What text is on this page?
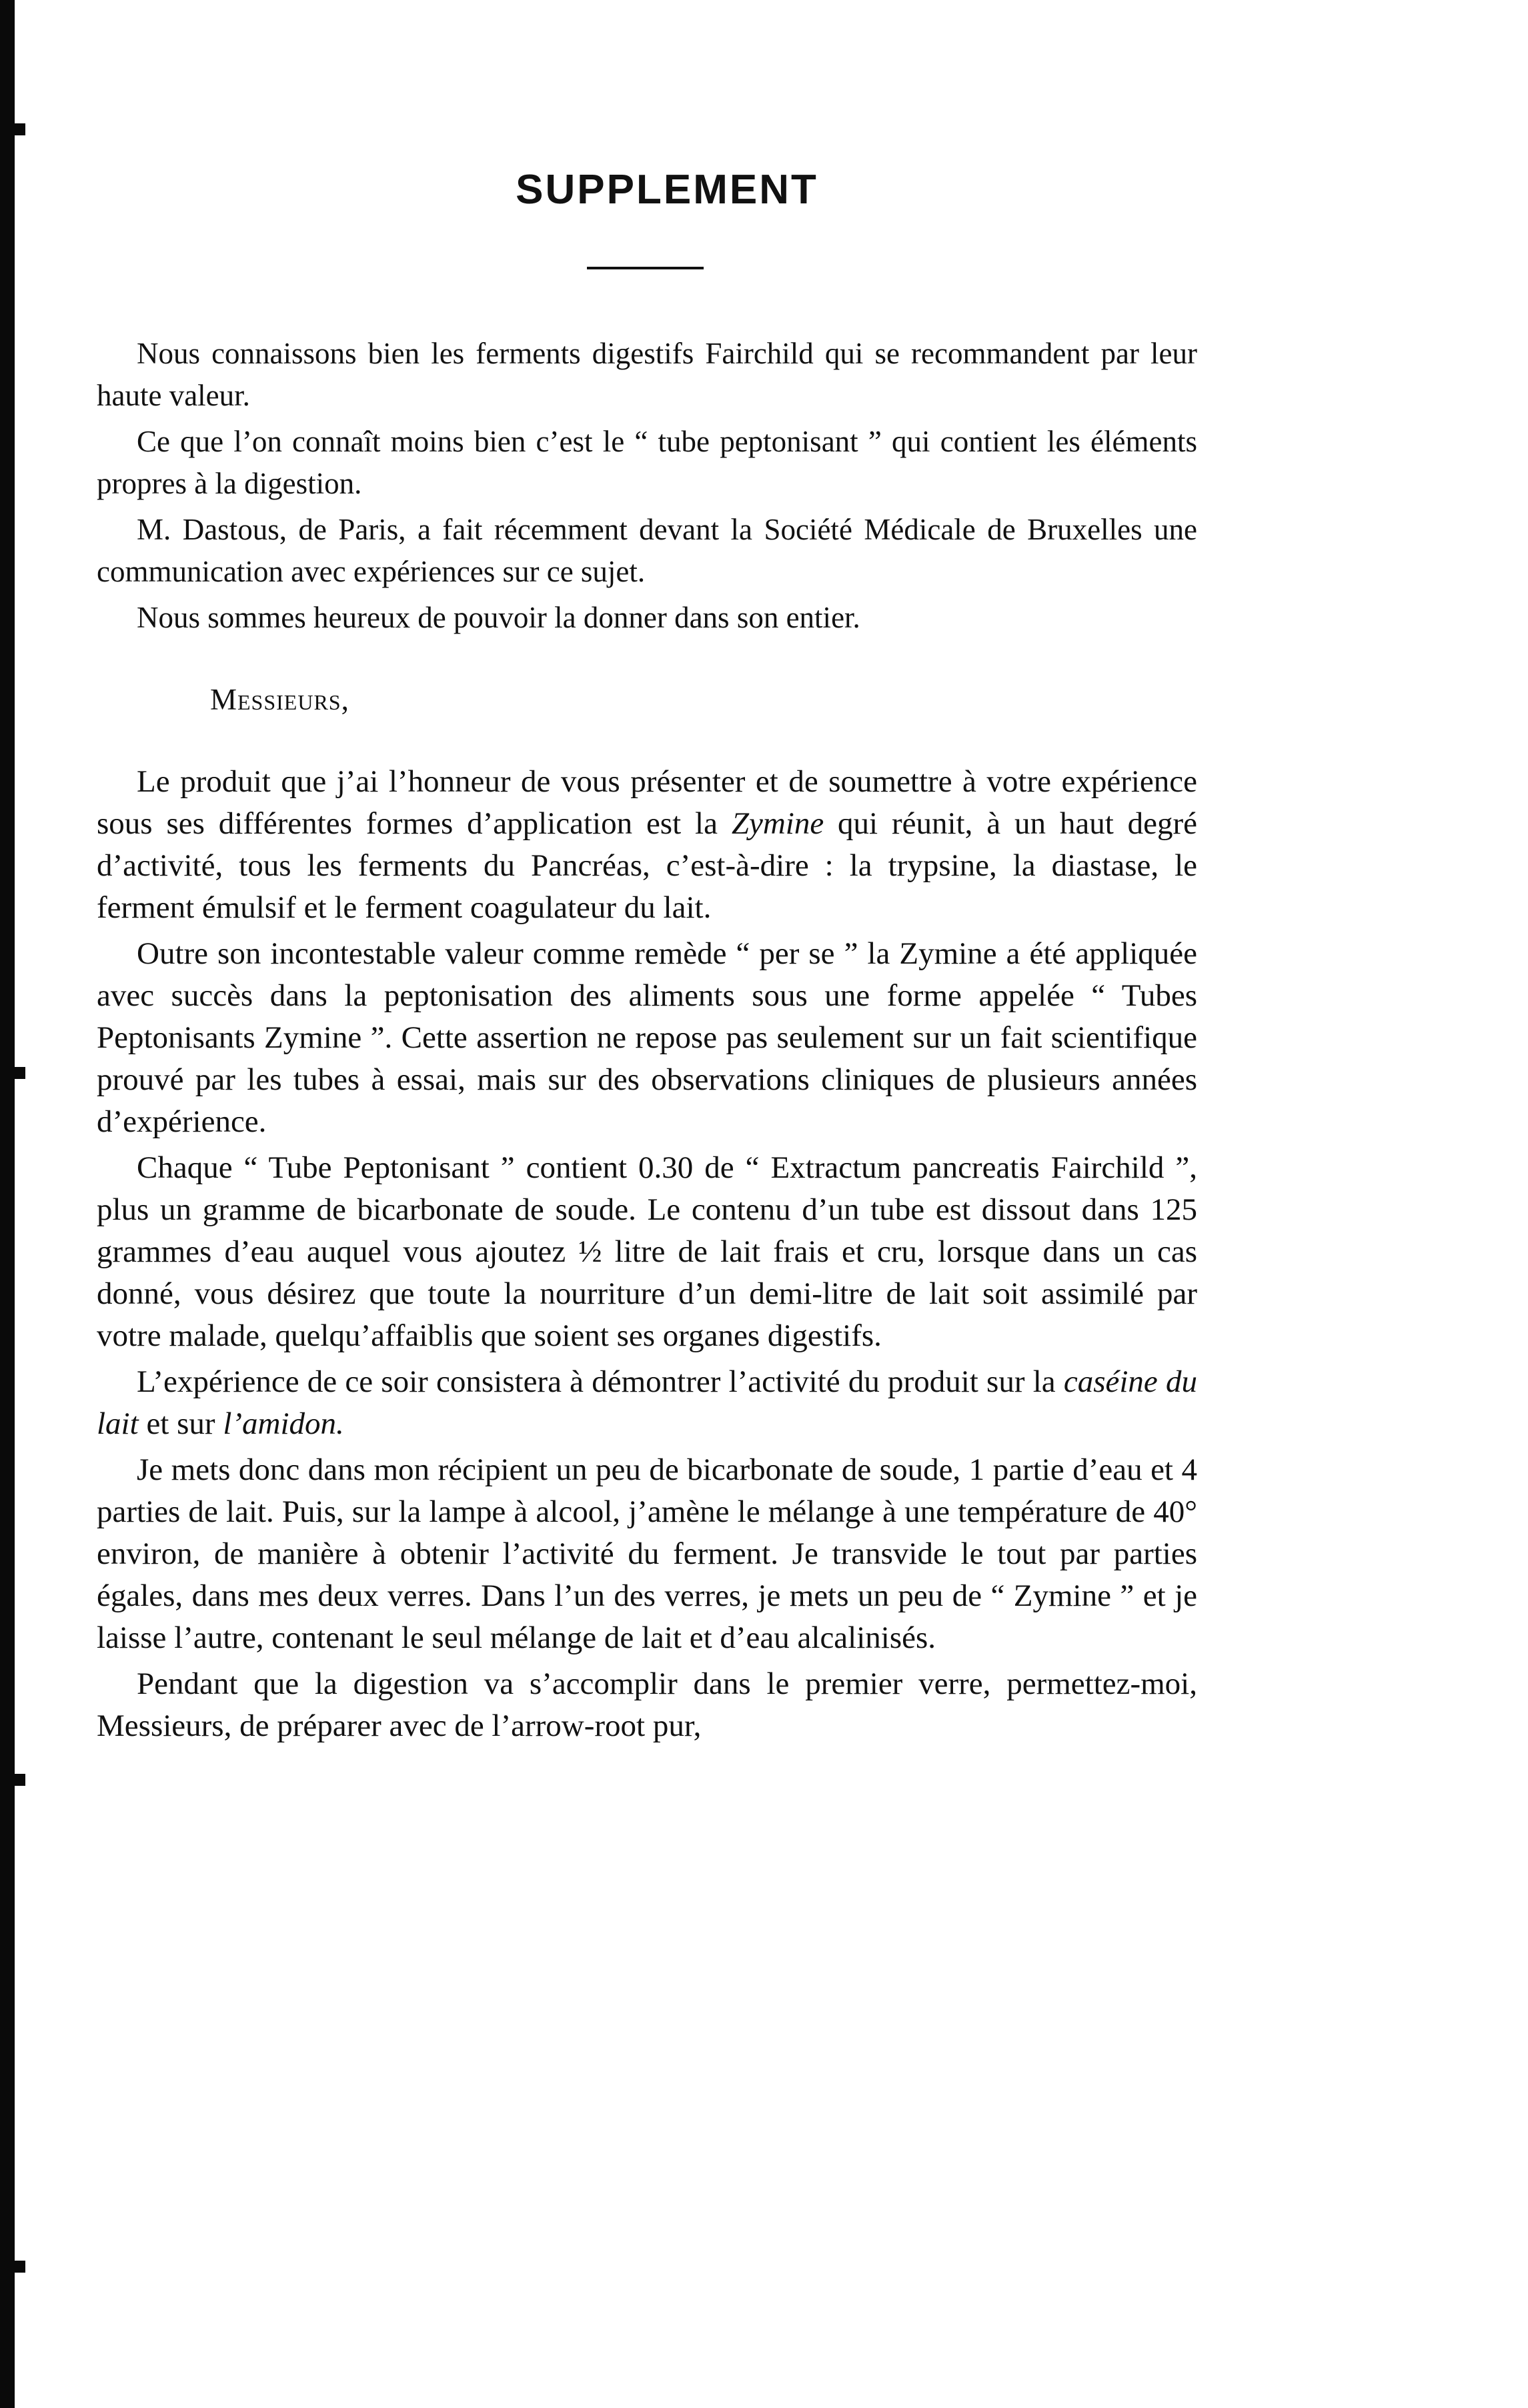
SUPPLEMENT

Nous connaissons bien les ferments digestifs Fairchild qui se recommandent par leur haute valeur.

Ce que l’on connaît moins bien c’est le “ tube peptonisant ” qui contient les éléments propres à la digestion.

M. Dastous, de Paris, a fait récemment devant la Société Médicale de Bruxelles une communication avec expériences sur ce sujet.

Nous sommes heureux de pouvoir la donner dans son entier.

Messieurs,

Le produit que j’ai l’honneur de vous présenter et de soumettre à votre expérience sous ses différentes formes d’application est la Zymine qui réunit, à un haut degré d’activité, tous les ferments du Pancréas, c’est-à-dire : la trypsine, la diastase, le ferment émulsif et le ferment coagulateur du lait.

Outre son incontestable valeur comme remède “ per se ” la Zymine a été appliquée avec succès dans la peptonisation des aliments sous une forme appelée “ Tubes Peptonisants Zymine ”. Cette assertion ne repose pas seulement sur un fait scientifique prouvé par les tubes à essai, mais sur des observations cliniques de plusieurs années d’expérience.

Chaque “ Tube Peptonisant ” contient 0.30 de “ Extractum pancreatis Fairchild ”, plus un gramme de bicarbonate de soude. Le contenu d’un tube est dissout dans 125 grammes d’eau auquel vous ajoutez ½ litre de lait frais et cru, lorsque dans un cas donné, vous désirez que toute la nourriture d’un demi-litre de lait soit assimilé par votre malade, quelqu’affaiblis que soient ses organes digestifs.

L’expérience de ce soir consistera à démontrer l’activité du produit sur la caséine du lait et sur l’amidon.

Je mets donc dans mon récipient un peu de bicarbonate de soude, 1 partie d’eau et 4 parties de lait. Puis, sur la lampe à alcool, j’amène le mélange à une température de 40° environ, de manière à obtenir l’activité du ferment. Je transvide le tout par parties égales, dans mes deux verres. Dans l’un des verres, je mets un peu de “ Zymine ” et je laisse l’autre, contenant le seul mélange de lait et d’eau alcalinisés.

Pendant que la digestion va s’accomplir dans le premier verre, permettez-moi, Messieurs, de préparer avec de l’arrow-root pur,
